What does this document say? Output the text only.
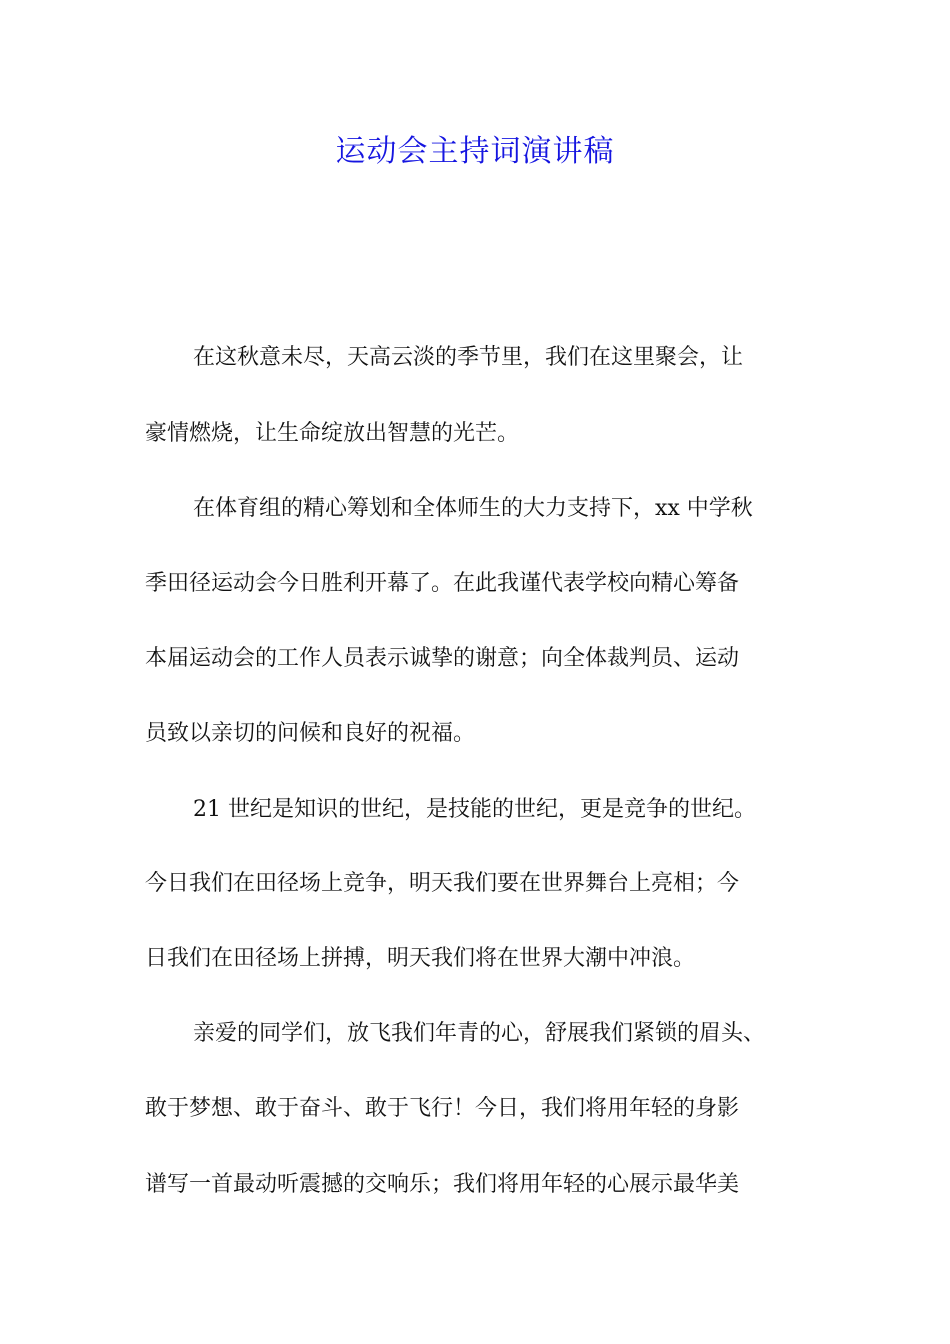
运动会主持词演讲稿
在这秋意未尽，天高云淡的季节里，我们在这里聚会，让
豪情燃烧，让生命绽放出智慧的光芒。
在体育组的精心筹划和全体师生的大力支持下，xx 中学秋
季田径运动会今日胜利开幕了。在此我谨代表学校向精心筹备
本届运动会的工作人员表示诚挚的谢意；向全体裁判员、运动
员致以亲切的问候和良好的祝福。
21 世纪是知识的世纪，是技能的世纪，更是竞争的世纪。
今日我们在田径场上竞争，明天我们要在世界舞台上亮相；今
日我们在田径场上拼搏，明天我们将在世界大潮中冲浪。
亲爱的同学们，放飞我们年青的心，舒展我们紧锁的眉头、
敢于梦想、敢于奋斗、敢于飞行！今日，我们将用年轻的身影
谱写一首最动听震撼的交响乐；我们将用年轻的心展示最华美
